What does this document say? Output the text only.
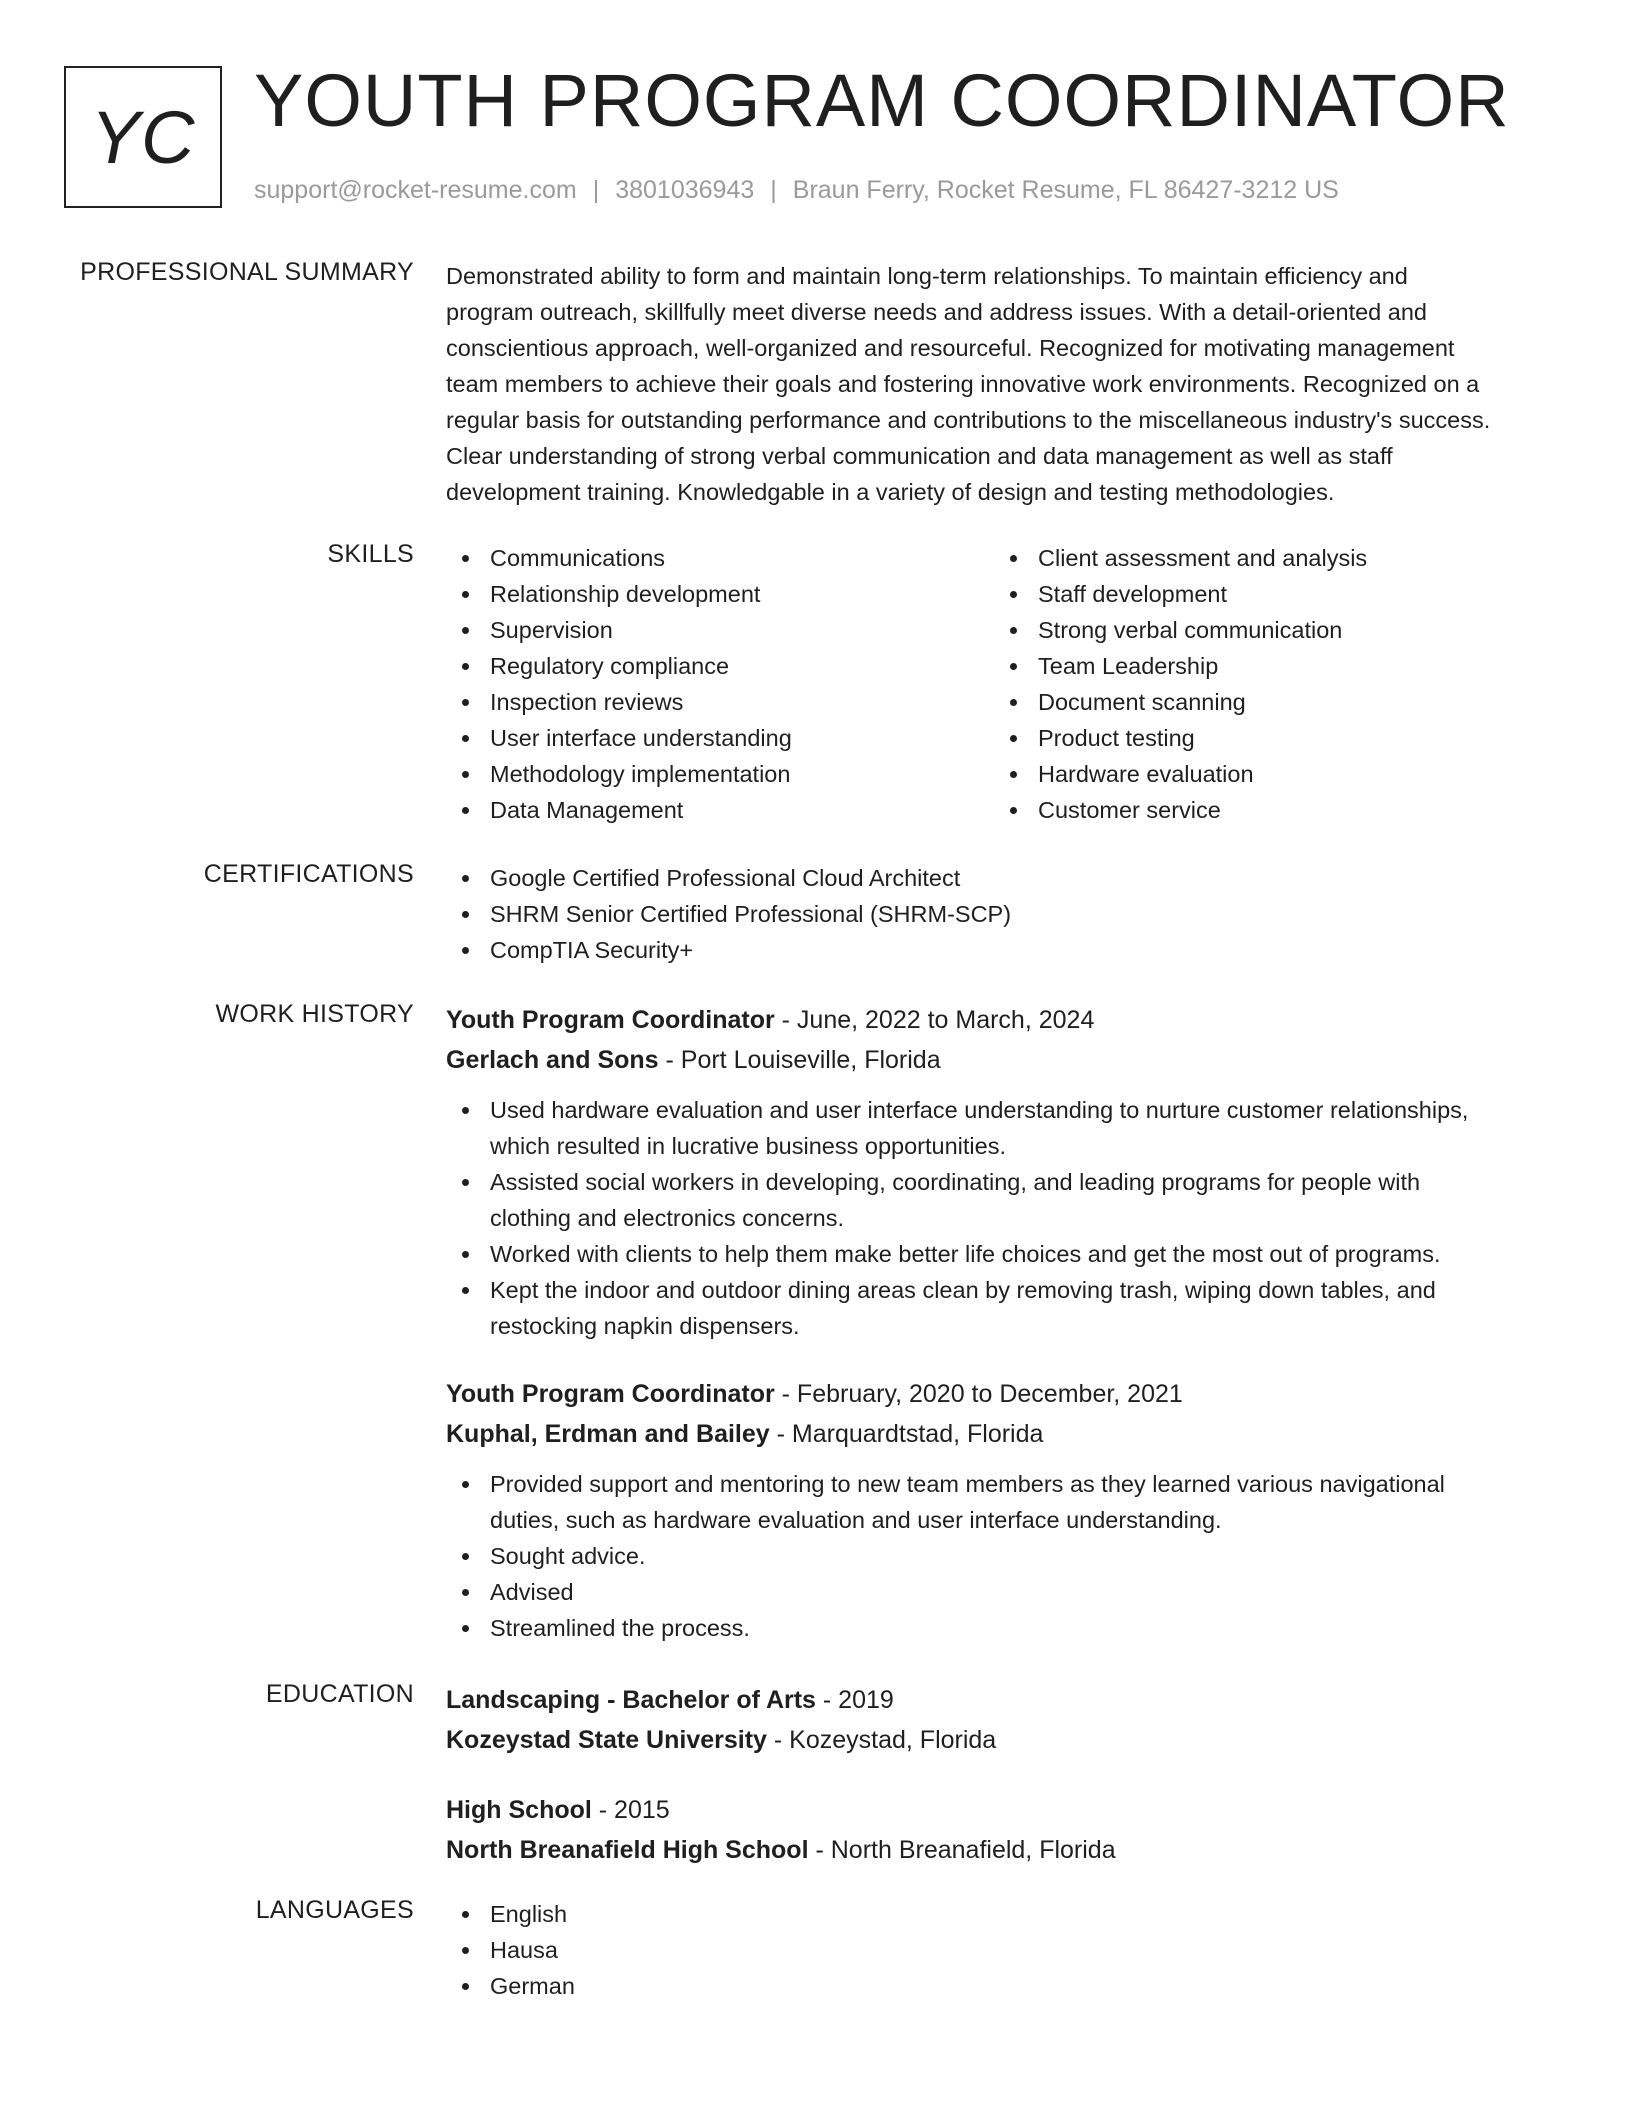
YC YOUTH PROGRAM COORDINATOR
support@rocket-resume.com | 3801036943 | Braun Ferry, Rocket Resume, FL 86427-3212 US
PROFESSIONAL SUMMARY Demonstrated ability to form and maintain long-term relationships. To maintain efficiency and
program outreach, skillfully meet diverse needs and address issues. With a detail-oriented and
conscientious approach, well-organized and resourceful. Recognized for motivating management
team members to achieve their goals and fostering innovative work environments. Recognized on a
regular basis for outstanding performance and contributions to the miscellaneous industry's success.
Clear understanding of strong verbal communication and data management as well as staff
development training. Knowledgable in a variety of design and testing methodologies.
SKILLS	Communications
Relationship development
Supervision
Regulatory compliance
Inspection reviews
User interface understanding
Methodology implementation
Data Management
Client assessment and analysis
Staff development
Strong verbal communication
Team Leadership
Document scanning
Product testing
Hardware evaluation
Customer service
CERTIFICATIONS	Google Certified Professional Cloud Architect
SHRM Senior Certified Professional (SHRM-SCP)
CompTIA Security+
WORK HISTORY Youth Program Coordinator - June, 2022 to March, 2024
Gerlach and Sons - Port Louiseville, Florida
Used hardware evaluation and user interface understanding to nurture customer relationships,
which resulted in lucrative business opportunities.
Assisted social workers in developing, coordinating, and leading programs for people with
clothing and electronics concerns.
Worked with clients to help them make better life choices and get the most out of programs.
Kept the indoor and outdoor dining areas clean by removing trash, wiping down tables, and
restocking napkin dispensers.
Youth Program Coordinator - February, 2020 to December, 2021
Kuphal, Erdman and Bailey - Marquardtstad, Florida
Provided support and mentoring to new team members as they learned various navigational
duties, such as hardware evaluation and user interface understanding.
Sought advice.
Advised
Streamlined the process.
EDUCATION Landscaping - Bachelor of Arts - 2019
Kozeystad State University - Kozeystad, Florida
High School - 2015
North Breanafield High School - North Breanafield, Florida
LANGUAGES	English
Hausa
German
